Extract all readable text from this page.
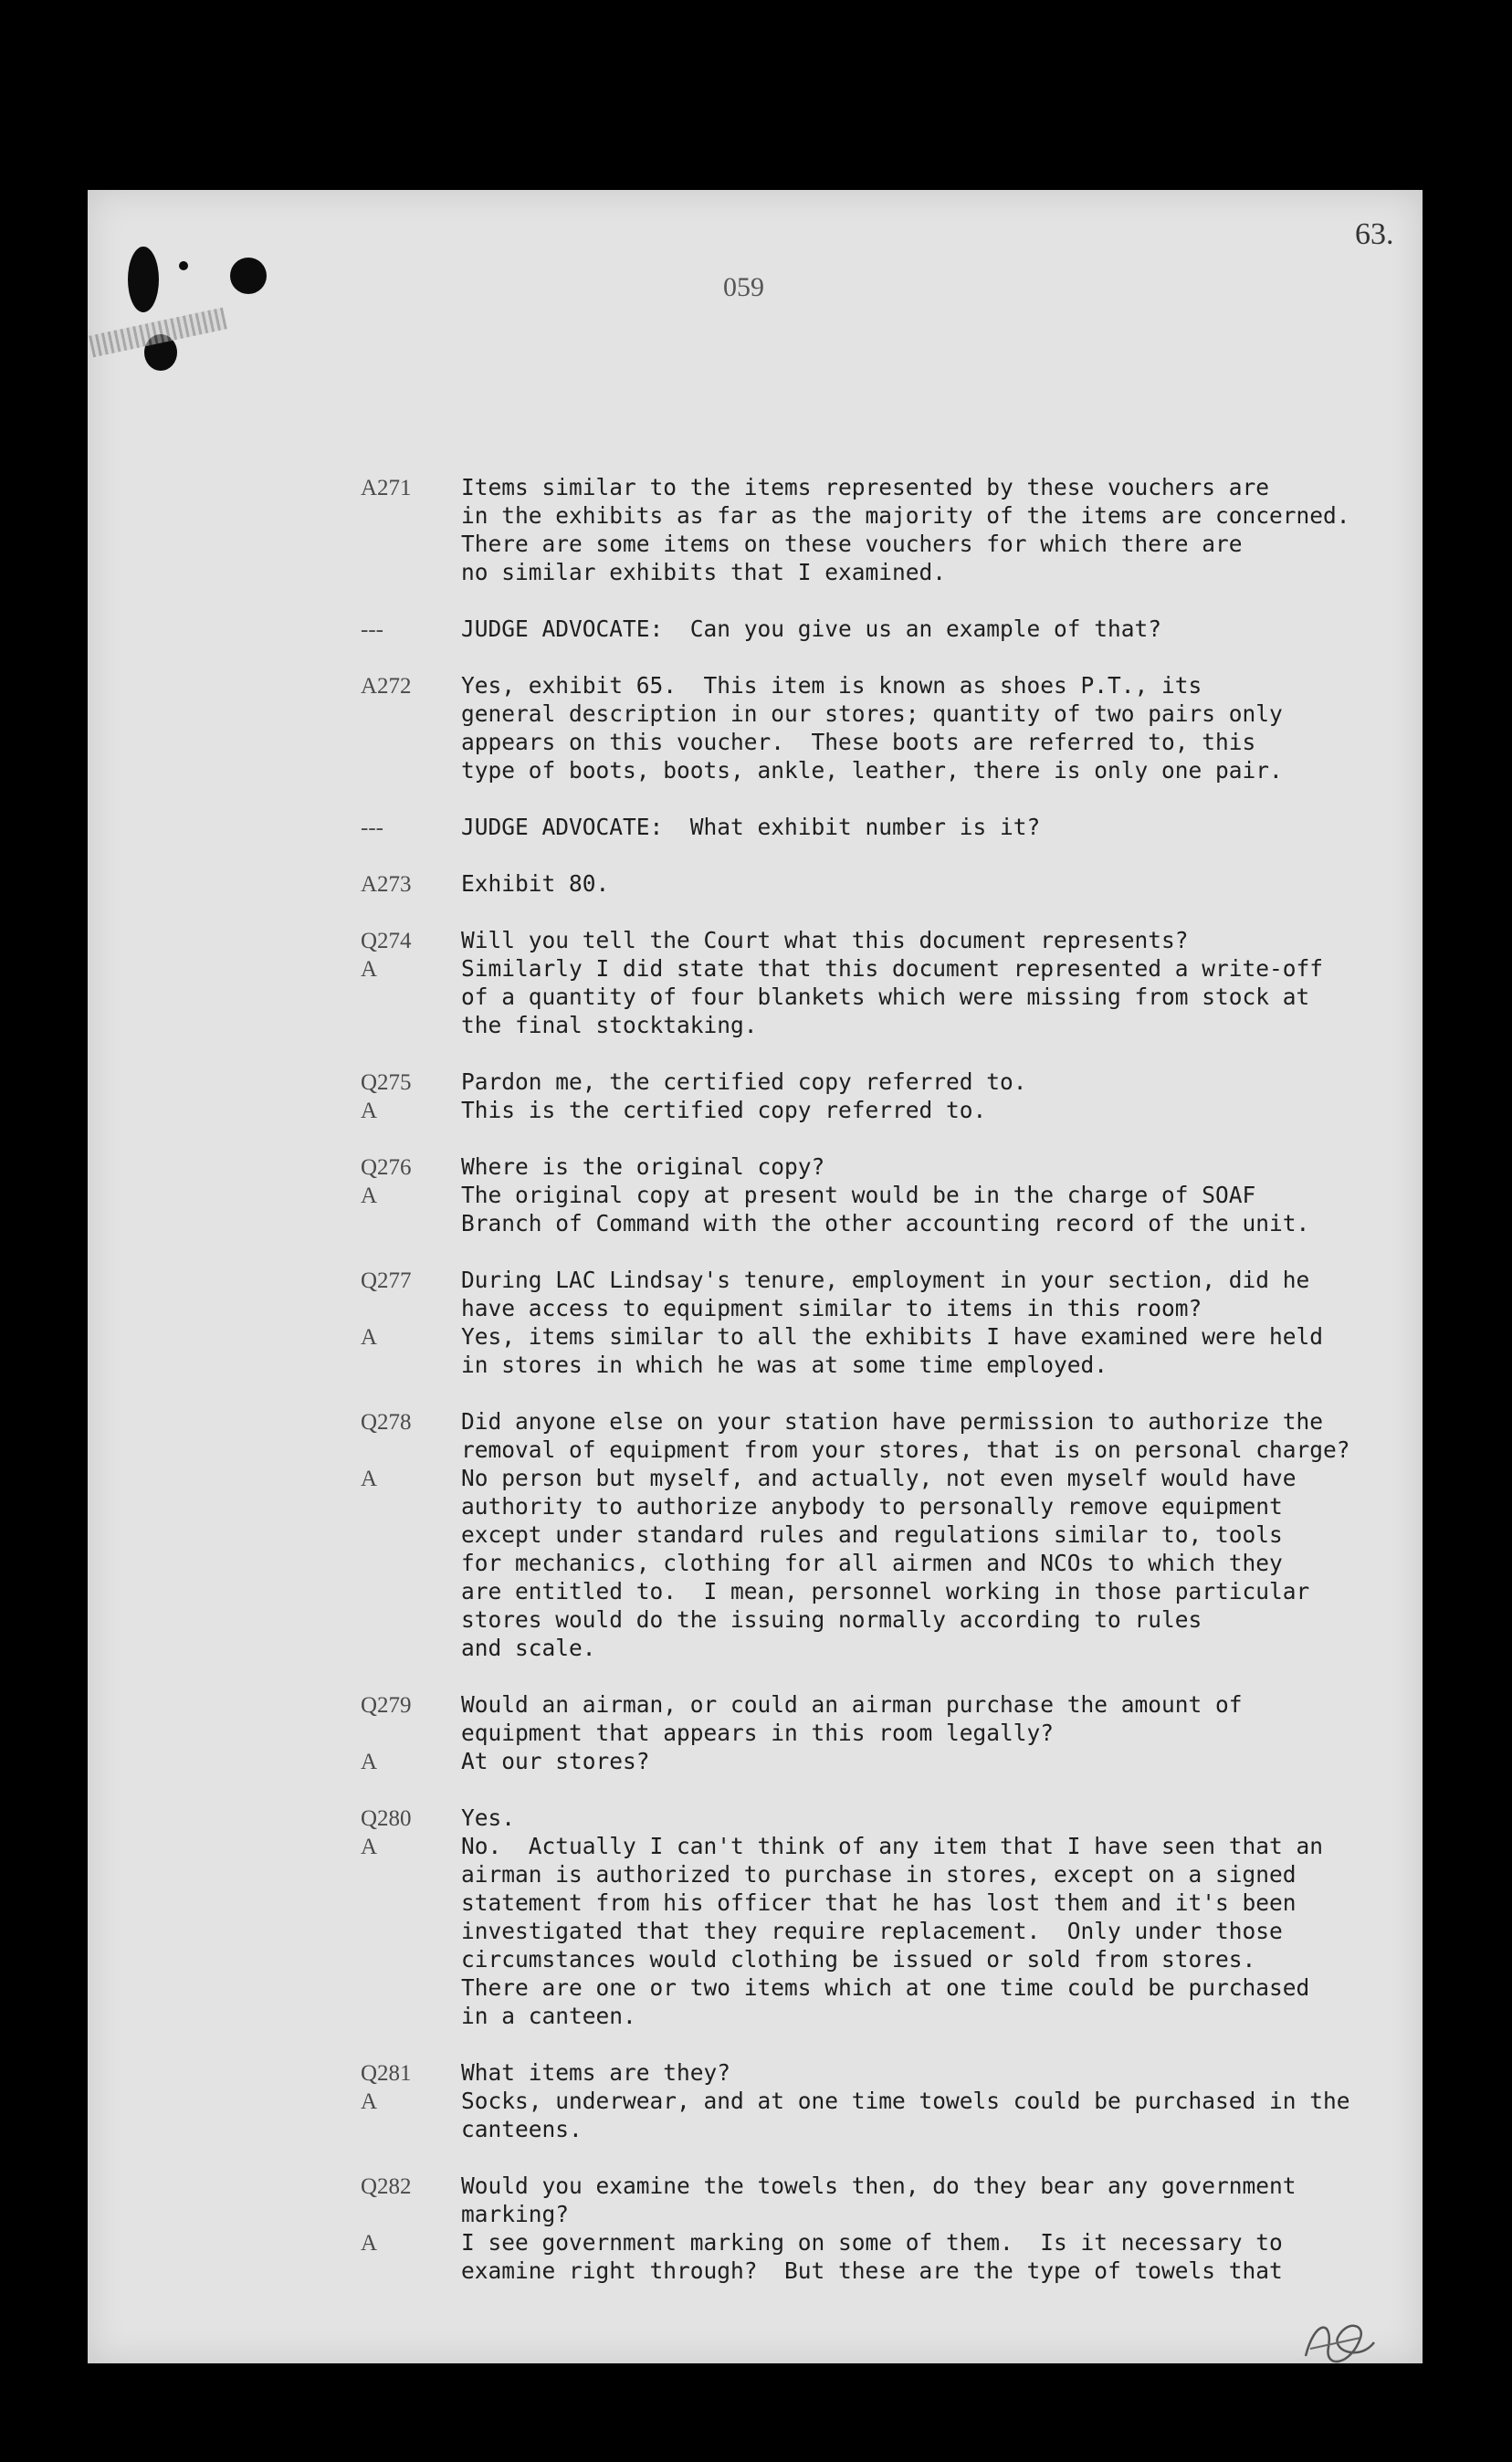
63.
059
A271	Items similar to the items represented by these vouchers are
in the exhibits as far as the majority of the items are concerned.
There are some items on these vouchers for which there are
no similar exhibits that I examined.
---	JUDGE ADVOCATE:  Can you give us an example of that?
A272	Yes, exhibit 65.  This item is known as shoes P.T., its
general description in our stores; quantity of two pairs only
appears on this voucher.  These boots are referred to, this
type of boots, boots, ankle, leather, there is only one pair.
---	JUDGE ADVOCATE:  What exhibit number is it?
A273	Exhibit 80.
Q274	Will you tell the Court what this document represents?
A	Similarly I did state that this document represented a write-off
of a quantity of four blankets which were missing from stock at
the final stocktaking.
Q275	Pardon me, the certified copy referred to.
A	This is the certified copy referred to.
Q276	Where is the original copy?
A	The original copy at present would be in the charge of SOAF
Branch of Command with the other accounting record of the unit.
Q277	During LAC Lindsay's tenure, employment in your section, did he
have access to equipment similar to items in this room?
A	Yes, items similar to all the exhibits I have examined were held
in stores in which he was at some time employed.
Q278	Did anyone else on your station have permission to authorize the
removal of equipment from your stores, that is on personal charge?
A	No person but myself, and actually, not even myself would have
authority to authorize anybody to personally remove equipment
except under standard rules and regulations similar to, tools
for mechanics, clothing for all airmen and NCOs to which they
are entitled to.  I mean, personnel working in those particular
stores would do the issuing normally according to rules
and scale.
Q279	Would an airman, or could an airman purchase the amount of
equipment that appears in this room legally?
A	At our stores?
Q280	Yes.
A	No.  Actually I can't think of any item that I have seen that an
airman is authorized to purchase in stores, except on a signed
statement from his officer that he has lost them and it's been
investigated that they require replacement.  Only under those
circumstances would clothing be issued or sold from stores.
There are one or two items which at one time could be purchased
in a canteen.
Q281	What items are they?
A	Socks, underwear, and at one time towels could be purchased in the
canteens.
Q282	Would you examine the towels then, do they bear any government
marking?
A	I see government marking on some of them.  Is it necessary to
examine right through?  But these are the type of towels that
